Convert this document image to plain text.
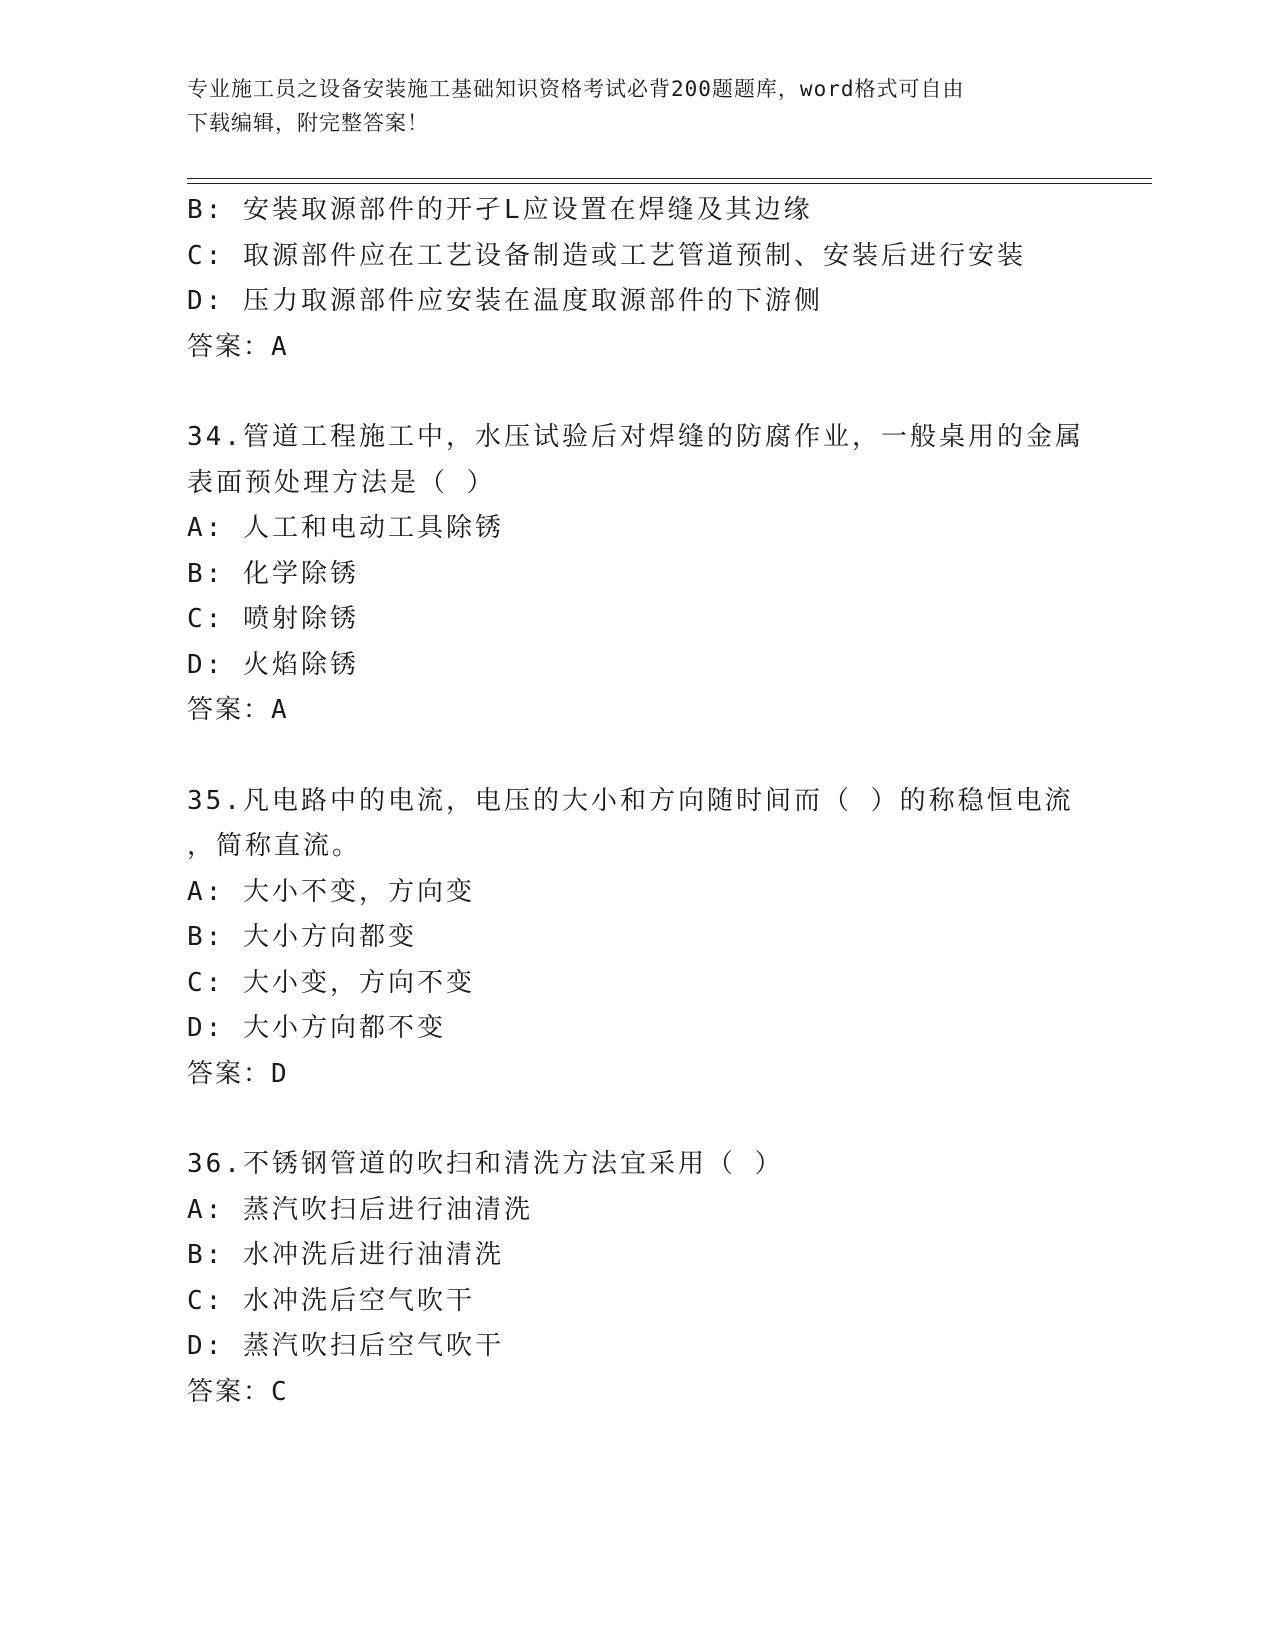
专业施工员之设备安装施工基础知识资格考试必背200题题库，word格式可自由
下载编辑，附完整答案！
B: 安装取源部件的开孑L应设置在焊缝及其边缘
C: 取源部件应在工艺设备制造或工艺管道预制、安装后进行安装
D: 压力取源部件应安装在温度取源部件的下游侧
答案：A
34.管道工程施工中，水压试验后对焊缝的防腐作业，一般桌用的金属
表面预处理方法是（ ）
A: 人工和电动工具除锈
B: 化学除锈
C: 喷射除锈
D: 火焰除锈
答案：A
35.凡电路中的电流，电压的大小和方向随时间而（ ）的称稳恒电流
，简称直流。
A: 大小不变，方向变
B: 大小方向都变
C: 大小变，方向不变
D: 大小方向都不变
答案：D
36.不锈钢管道的吹扫和清洗方法宜采用（ ）
A: 蒸汽吹扫后进行油清洗
B: 水冲洗后进行油清洗
C: 水冲洗后空气吹干
D: 蒸汽吹扫后空气吹干
答案：C
